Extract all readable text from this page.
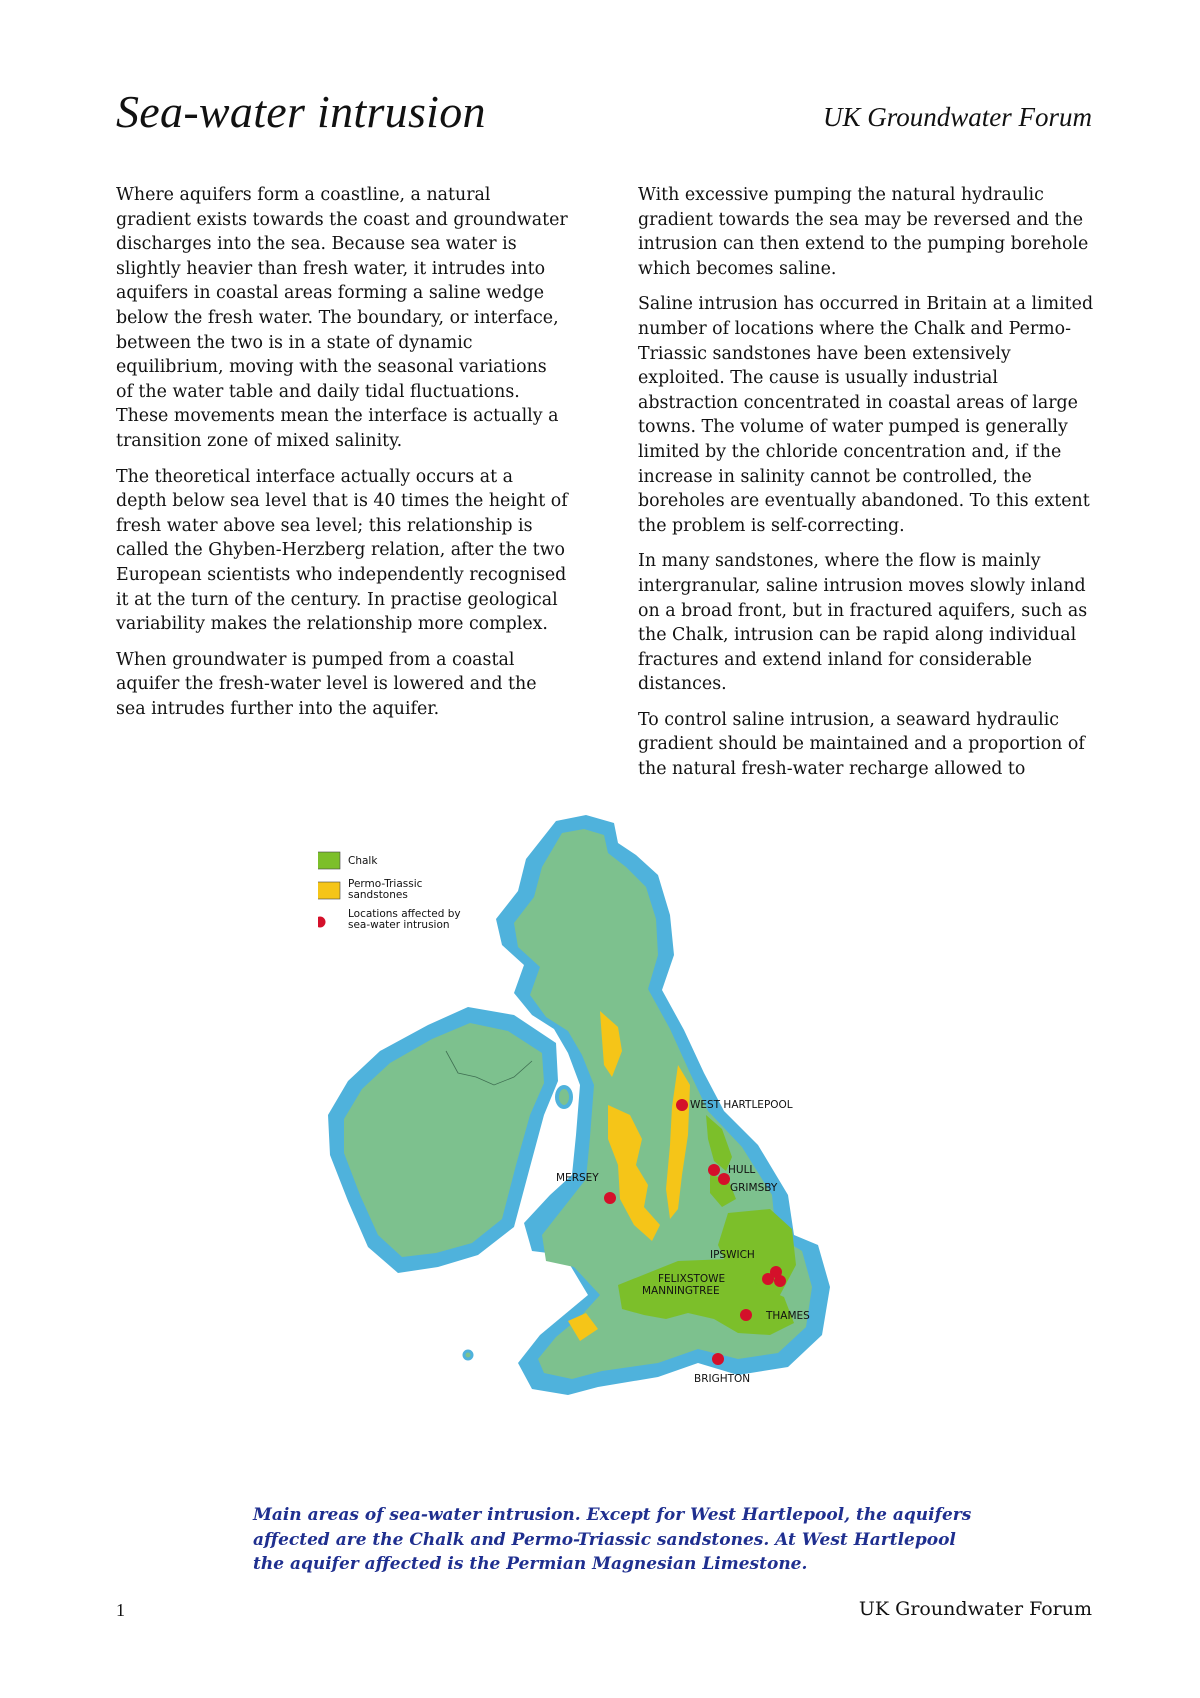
Sea-water intrusion	UK Groundwater Forum

Where aquifers form a coastline, a natural gradient exists towards the coast and groundwater discharges into the sea. Because sea water is slightly heavier than fresh water, it intrudes into aquifers in coastal areas forming a saline wedge below the fresh water. The boundary, or interface, between the two is in a state of dynamic equilibrium, moving with the seasonal variations of the water table and daily tidal fluctuations. These movements mean the interface is actually a transition zone of mixed salinity.

The theoretical interface actually occurs at a depth below sea level that is 40 times the height of fresh water above sea level; this relationship is called the Ghyben-Herzberg relation, after the two European scientists who independently recognised it at the turn of the century. In practise geological variability makes the relationship more complex.

When groundwater is pumped from a coastal aquifer the fresh-water level is lowered and the sea intrudes further into the aquifer.

With excessive pumping the natural hydraulic gradient towards the sea may be reversed and the intrusion can then extend to the pumping borehole which becomes saline.

Saline intrusion has occurred in Britain at a limited number of locations where the Chalk and Permo-Triassic sandstones have been extensively exploited. The cause is usually industrial abstraction concentrated in coastal areas of large towns. The volume of water pumped is generally limited by the chloride concentration and, if the increase in salinity cannot be controlled, the boreholes are eventually abandoned. To this extent the problem is self-correcting.

In many sandstones, where the flow is mainly intergranular, saline intrusion moves slowly inland on a broad front, but in fractured aquifers, such as the Chalk, intrusion can be rapid along individual fractures and extend inland for considerable distances.

To control saline intrusion, a seaward hydraulic gradient should be maintained and a proportion of the natural fresh-water recharge allowed to

Chalk
Permo-Triassic
sandstones
Locations affected by
sea-water intrusion
WEST HARTLEPOOL
HULL
GRIMSBY
MERSEY
IPSWICH
FELIXSTOWE
MANNINGTREE
THAMES
BRIGHTON
Main areas of sea-water intrusion. Except for West Hartlepool, the aquifers affected are the Chalk and Permo-Triassic sandstones. At West Hartlepool the aquifer affected is the Permian Magnesian Limestone.
1	UK Groundwater Forum
